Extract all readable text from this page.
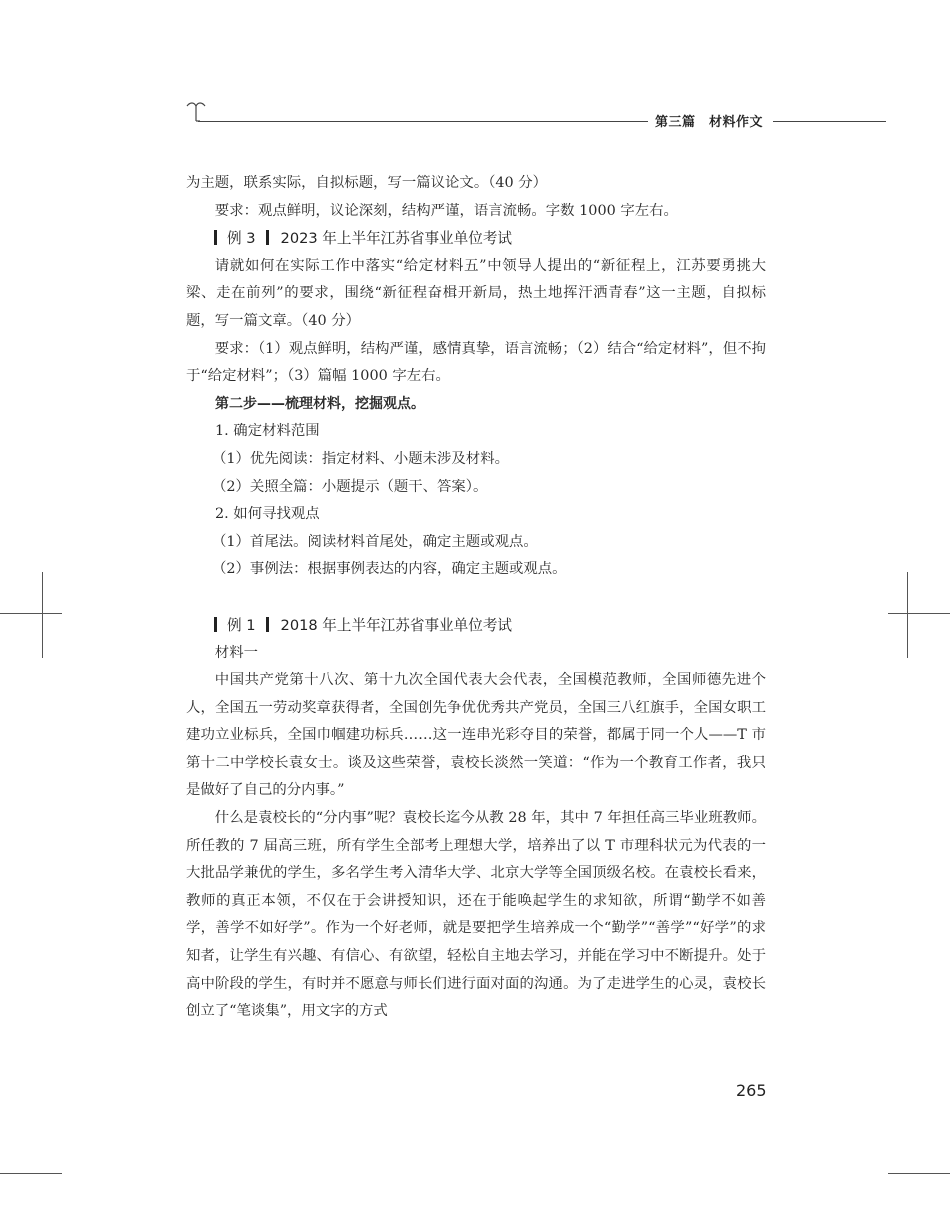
第三篇　材料作文

为主题，联系实际，自拟标题，写一篇议论文。（40 分）

要求：观点鲜明，议论深刻，结构严谨，语言流畅。字数 1000 字左右。

例 3 2023 年上半年江苏省事业单位考试

请就如何在实际工作中落实“给定材料五”中领导人提出的“新征程上，江苏要勇挑大梁、走在前列”的要求，围绕“新征程奋楫开新局，热土地挥汗洒青春”这一主题，自拟标题，写一篇文章。（40 分）

要求：（1）观点鲜明，结构严谨，感情真挚，语言流畅；（2）结合“给定材料”，但不拘于“给定材料”；（3）篇幅 1000 字左右。

第二步——梳理材料，挖掘观点。

1. 确定材料范围

（1）优先阅读：指定材料、小题未涉及材料。

（2）关照全篇：小题提示（题干、答案）。

2. 如何寻找观点

（1）首尾法。阅读材料首尾处，确定主题或观点。

（2）事例法：根据事例表达的内容，确定主题或观点。

例 1 2018 年上半年江苏省事业单位考试

材料一

中国共产党第十八次、第十九次全国代表大会代表，全国模范教师，全国师德先进个人，全国五一劳动奖章获得者，全国创先争优优秀共产党员，全国三八红旗手，全国女职工建功立业标兵，全国巾帼建功标兵……这一连串光彩夺目的荣誉，都属于同一个人——T 市第十二中学校长袁女士。谈及这些荣誉，袁校长淡然一笑道：“作为一个教育工作者，我只是做好了自己的分内事。”

什么是袁校长的“分内事”呢？袁校长迄今从教 28 年，其中 7 年担任高三毕业班教师。所任教的 7 届高三班，所有学生全部考上理想大学，培养出了以 T 市理科状元为代表的一大批品学兼优的学生，多名学生考入清华大学、北京大学等全国顶级名校。在袁校长看来，教师的真正本领，不仅在于会讲授知识，还在于能唤起学生的求知欲，所谓“勤学不如善学，善学不如好学”。作为一个好老师，就是要把学生培养成一个“勤学”“善学”“好学”的求知者，让学生有兴趣、有信心、有欲望，轻松自主地去学习，并能在学习中不断提升。处于高中阶段的学生，有时并不愿意与师长们进行面对面的沟通。为了走进学生的心灵，袁校长创立了“笔谈集”，用文字的方式

265
